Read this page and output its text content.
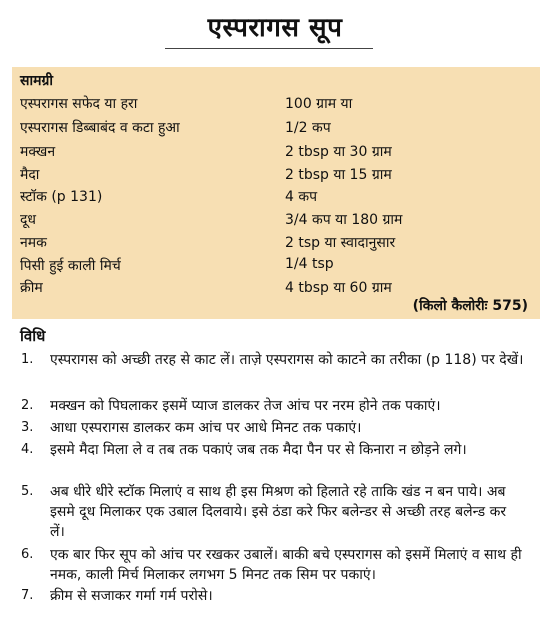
एस्परागस सूप
सामग्री
एस्परागस सफेद या हरा	100 ग्राम या
एस्परागस डिब्बाबंद व कटा हुआ	1/2 कप
मक्खन	2 tbsp या 30 ग्राम
मैदा	2 tbsp या 15 ग्राम
स्टॉक (p 131)	4 कप
दूध	3/4 कप या 180 ग्राम
नमक	2 tsp या स्वादानुसार
पिसी हुई काली मिर्च	1/4 tsp
क्रीम	4 tbsp या 60 ग्राम
(किलो कैलोरीः 575)
विधि
1.	एस्परागस को अच्छी तरह से काट लें। ताज़े एस्परागस को काटने का तरीका (p 118) पर देखें।
2.	मक्खन को पिघलाकर इसमें प्याज डालकर तेज आंच पर नरम होने तक पकाएं।
3.	आधा एस्परागस डालकर कम आंच पर आधे मिनट तक पकाएं।
4.	इसमे मैदा मिला ले व तब तक पकाएं जब तक मैदा पैन पर से किनारा न छोड़ने लगे।
5.	अब धीरे धीरे स्टॉक मिलाएं व साथ ही इस मिश्रण को हिलाते रहे ताकि खंड न बन पाये। अब इसमे दूध मिलाकर एक उबाल दिलवाये। इसे ठंडा करे फिर बलेन्डर से अच्छी तरह बलेन्ड कर लें।
6.	एक बार फिर सूप को आंच पर रखकर उबालें। बाकी बचे एस्परागस को इसमें मिलाएं व साथ ही नमक, काली मिर्च मिलाकर लगभग 5 मिनट तक सिम पर पकाएं।
7.	क्रीम से सजाकर गर्मा गर्म परोसे।
